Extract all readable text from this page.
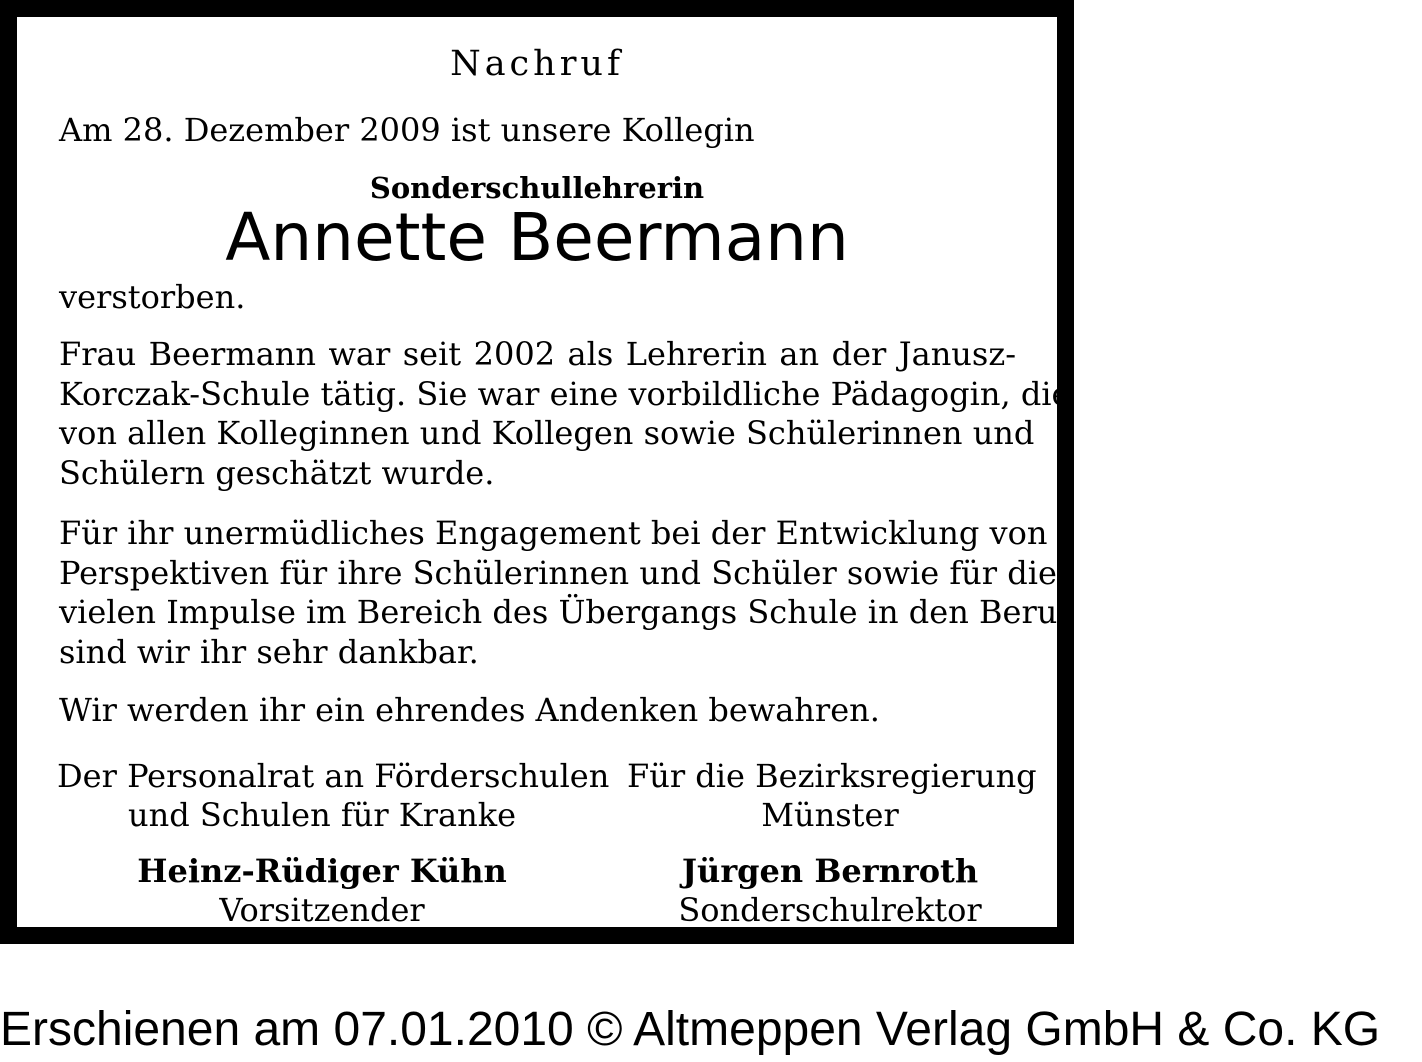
Nachruf

Am 28. Dezember 2009 ist unsere Kollegin

Sonderschullehrerin

Annette Beermann

verstorben.

Frau Beermann war seit 2002 als Lehrerin an der Janusz-
Korczak-Schule tätig. Sie war eine vorbildliche Pädagogin, die
von allen Kolleginnen und Kollegen sowie Schülerinnen und
Schülern geschätzt wurde.

Für ihr unermüdliches Engagement bei der Entwicklung von
Perspektiven für ihre Schülerinnen und Schüler sowie für die
vielen Impulse im Bereich des Übergangs Schule in den Beruf
sind wir ihr sehr dankbar.

Wir werden ihr ein ehrendes Andenken bewahren.

Der Personalrat an Förderschulen
und Schulen für Kranke
Heinz-Rüdiger Kühn
Vorsitzender
Für die Bezirksregierung
Münster
Jürgen Bernroth
Sonderschulrektor
Erschienen am 07.01.2010 © Altmeppen Verlag GmbH & Co. KG
